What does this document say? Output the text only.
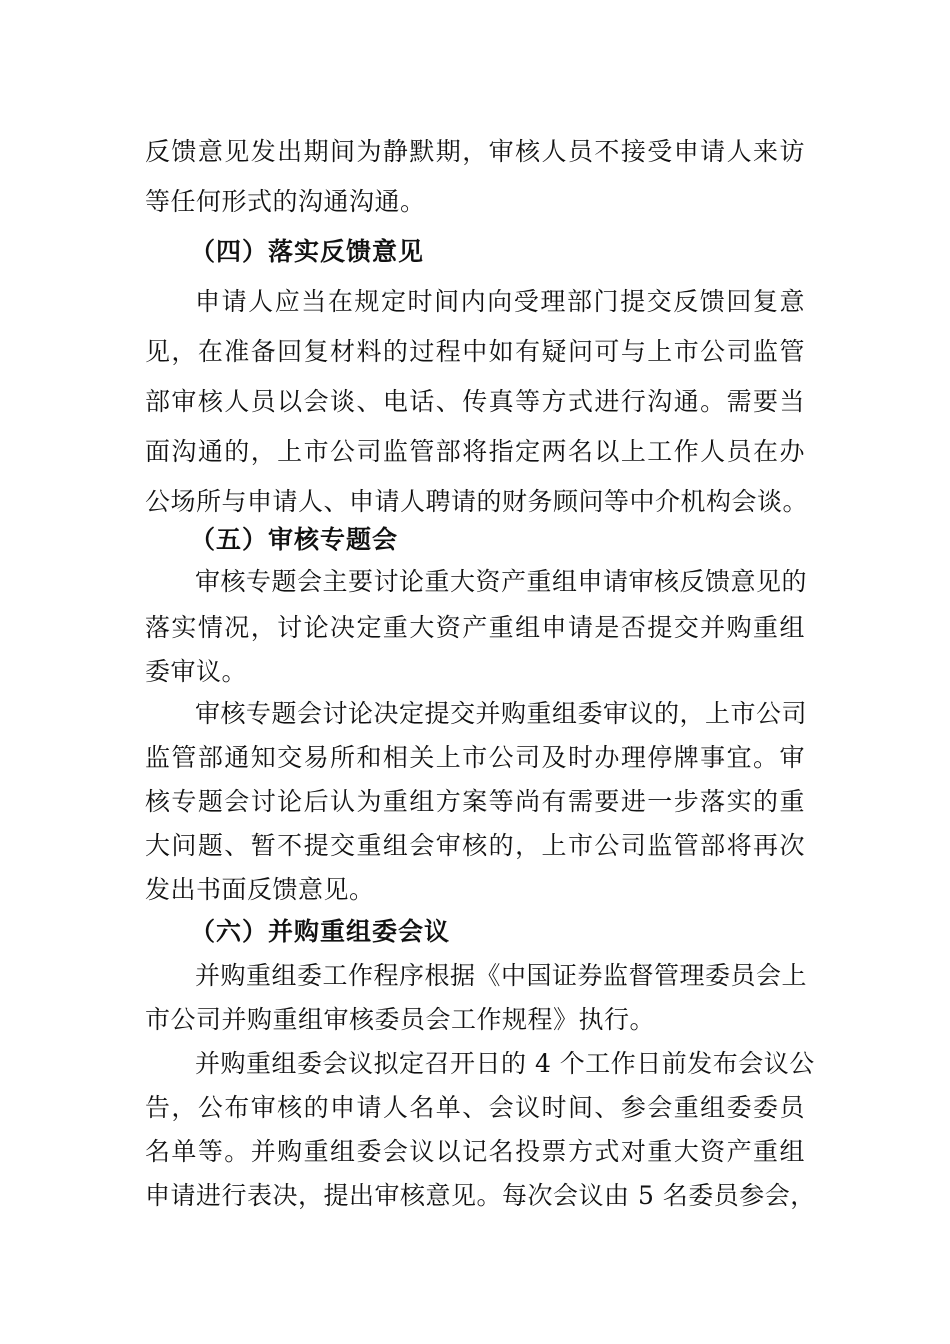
反馈意见发出期间为静默期，审核人员不接受申请人来访
等任何形式的沟通沟通。
（四）落实反馈意见
申请人应当在规定时间内向受理部门提交反馈回复意
见，在准备回复材料的过程中如有疑问可与上市公司监管
部审核人员以会谈、电话、传真等方式进行沟通。需要当
面沟通的，上市公司监管部将指定两名以上工作人员在办
公场所与申请人、申请人聘请的财务顾问等中介机构会谈。
（五）审核专题会
审核专题会主要讨论重大资产重组申请审核反馈意见的
落实情况，讨论决定重大资产重组申请是否提交并购重组
委审议。
审核专题会讨论决定提交并购重组委审议的，上市公司
监管部通知交易所和相关上市公司及时办理停牌事宜。审
核专题会讨论后认为重组方案等尚有需要进一步落实的重
大问题、暂不提交重组会审核的，上市公司监管部将再次
发出书面反馈意见。
（六）并购重组委会议
并购重组委工作程序根据《中国证券监督管理委员会上
市公司并购重组审核委员会工作规程》执行。
并购重组委会议拟定召开日的 4 个工作日前发布会议公
告，公布审核的申请人名单、会议时间、参会重组委委员
名单等。并购重组委会议以记名投票方式对重大资产重组
申请进行表决，提出审核意见。每次会议由 5 名委员参会，
